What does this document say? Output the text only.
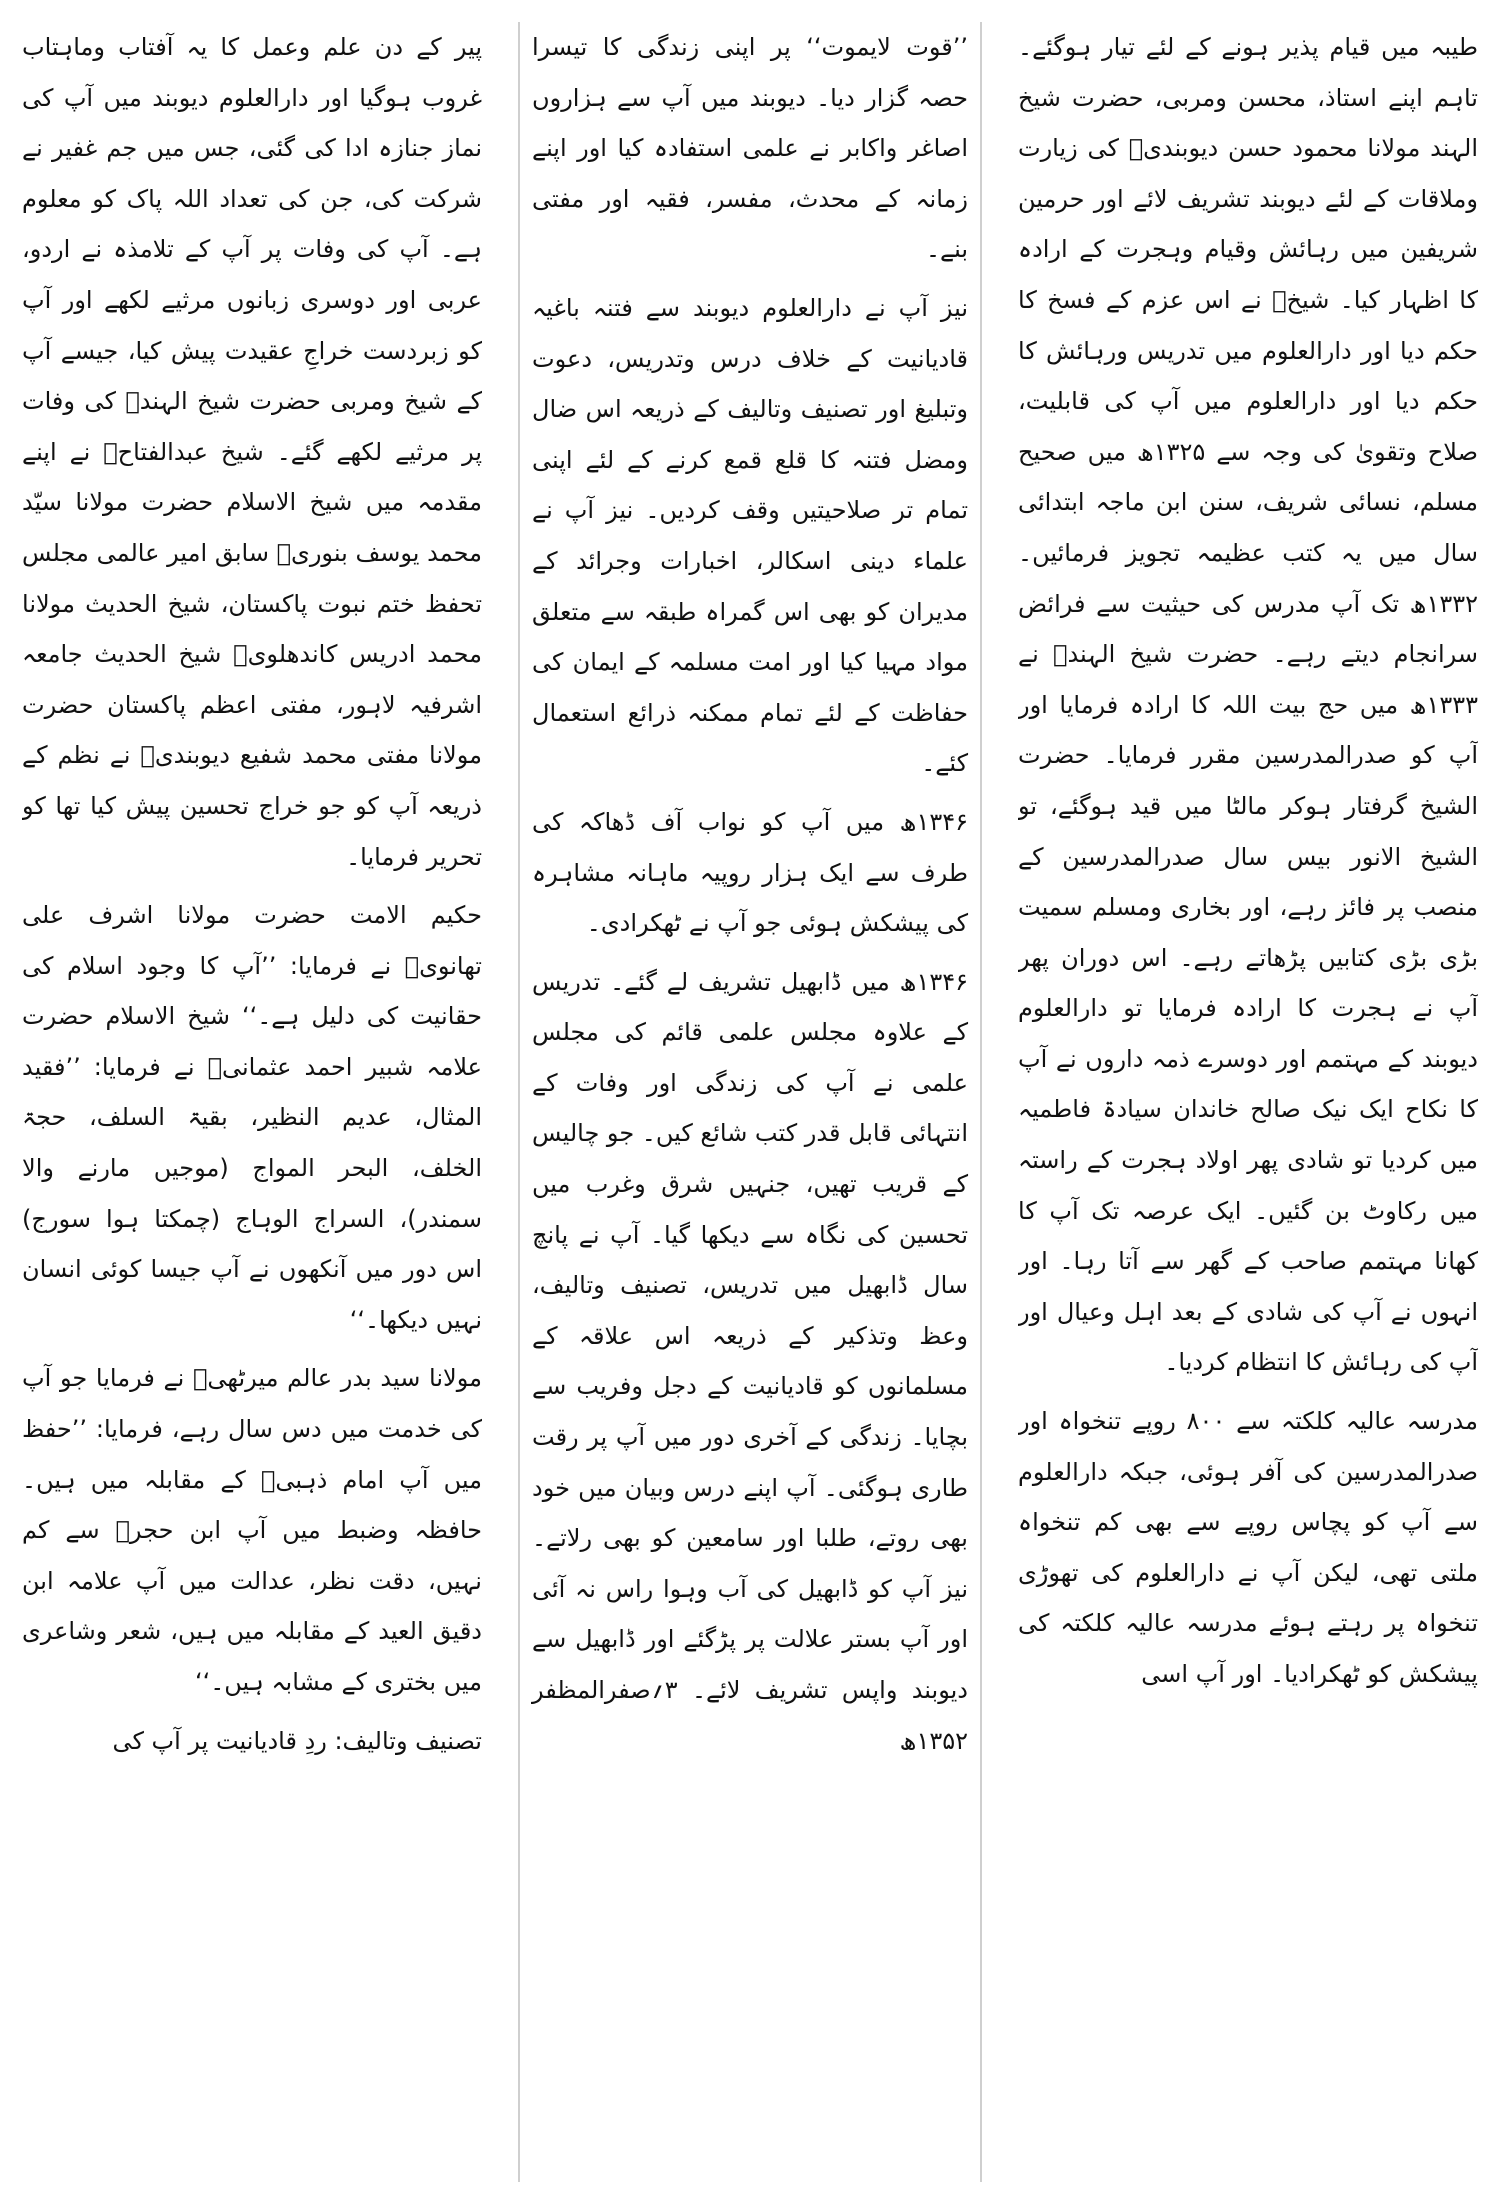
طیبہ میں قیام پذیر ہونے کے لئے تیار ہوگئے۔ تاہم اپنے استاذ، محسن ومربی، حضرت شیخ الہند مولانا محمود حسن دیوبندیؒ کی زیارت وملاقات کے لئے دیوبند تشریف لائے اور حرمین شریفین میں رہائش وقیام وہجرت کے ارادہ کا اظہار کیا۔ شیخؒ نے اس عزم کے فسخ کا حکم دیا اور دارالعلوم میں تدریس ورہائش کا حکم دیا اور دارالعلوم میں آپ کی قابلیت، صلاح وتقویٰ کی وجہ سے ۱۳۲۵ھ میں صحیح مسلم، نسائی شریف، سنن ابن ماجہ ابتدائی سال میں یہ کتب عظیمہ تجویز فرمائیں۔ ۱۳۳۲ھ تک آپ مدرس کی حیثیت سے فرائض سرانجام دیتے رہے۔ حضرت شیخ الہندؒ نے ۱۳۳۳ھ میں حج بیت اللہ کا ارادہ فرمایا اور آپ کو صدرالمدرسین مقرر فرمایا۔ حضرت الشیخ گرفتار ہوکر مالٹا میں قید ہوگئے، تو الشیخ الانور بیس سال صدرالمدرسین کے منصب پر فائز رہے، اور بخاری ومسلم سمیت بڑی بڑی کتابیں پڑھاتے رہے۔ اس دوران پھر آپ نے ہجرت کا ارادہ فرمایا تو دارالعلوم دیوبند کے مہتمم اور دوسرے ذمہ داروں نے آپ کا نکاح ایک نیک صالح خاندان سیادۃ فاطمیہ میں کردیا تو شادی پھر اولاد ہجرت کے راستہ میں رکاوٹ بن گئیں۔ ایک عرصہ تک آپ کا کھانا مہتمم صاحب کے گھر سے آتا رہا۔ اور انہوں نے آپ کی شادی کے بعد اہل وعیال اور آپ کی رہائش کا انتظام کردیا۔

مدرسہ عالیہ کلکتہ سے ۸۰۰ روپے تنخواہ اور صدرالمدرسین کی آفر ہوئی، جبکہ دارالعلوم سے آپ کو پچاس روپے سے بھی کم تنخواہ ملتی تھی، لیکن آپ نے دارالعلوم کی تھوڑی تنخواہ پر رہتے ہوئے مدرسہ عالیہ کلکتہ کی پیشکش کو ٹھکرادیا۔ اور آپ اسی

’’قوت لایموت‘‘ پر اپنی زندگی کا تیسرا حصہ گزار دیا۔ دیوبند میں آپ سے ہزاروں اصاغر واکابر نے علمی استفادہ کیا اور اپنے زمانہ کے محدث، مفسر، فقیہ اور مفتی بنے۔

نیز آپ نے دارالعلوم دیوبند سے فتنہ باغیہ قادیانیت کے خلاف درس وتدریس، دعوت وتبلیغ اور تصنیف وتالیف کے ذریعہ اس ضال ومضل فتنہ کا قلع قمع کرنے کے لئے اپنی تمام تر صلاحیتیں وقف کردیں۔ نیز آپ نے علماء دینی اسکالر، اخبارات وجرائد کے مدیران کو بھی اس گمراہ طبقہ سے متعلق مواد مہیا کیا اور امت مسلمہ کے ایمان کی حفاظت کے لئے تمام ممکنہ ذرائع استعمال کئے۔

۱۳۴۶ھ میں آپ کو نواب آف ڈھاکہ کی طرف سے ایک ہزار روپیہ ماہانہ مشاہرہ کی پیشکش ہوئی جو آپ نے ٹھکرادی۔

۱۳۴۶ھ میں ڈابھیل تشریف لے گئے۔ تدریس کے علاوہ مجلس علمی قائم کی مجلس علمی نے آپ کی زندگی اور وفات کے انتہائی قابل قدر کتب شائع کیں۔ جو چالیس کے قریب تھیں، جنہیں شرق وغرب میں تحسین کی نگاہ سے دیکھا گیا۔ آپ نے پانچ سال ڈابھیل میں تدریس، تصنیف وتالیف، وعظ وتذکیر کے ذریعہ اس علاقہ کے مسلمانوں کو قادیانیت کے دجل وفریب سے بچایا۔ زندگی کے آخری دور میں آپ پر رقت طاری ہوگئی۔ آپ اپنے درس وبیان میں خود بھی روتے، طلبا اور سامعین کو بھی رلاتے۔ نیز آپ کو ڈابھیل کی آب وہوا راس نہ آئی اور آپ بستر علالت پر پڑگئے اور ڈابھیل سے دیوبند واپس تشریف لائے۔ ۳؍صفرالمظفر ۱۳۵۲ھ

پیر کے دن علم وعمل کا یہ آفتاب وماہتاب غروب ہوگیا اور دارالعلوم دیوبند میں آپ کی نماز جنازہ ادا کی گئی، جس میں جم غفیر نے شرکت کی، جن کی تعداد اللہ پاک کو معلوم ہے۔ آپ کی وفات پر آپ کے تلامذہ نے اردو، عربی اور دوسری زبانوں مرثیے لکھے اور آپ کو زبردست خراجِ عقیدت پیش کیا، جیسے آپ کے شیخ ومربی حضرت شیخ الہندؒ کی وفات پر مرثیے لکھے گئے۔ شیخ عبدالفتاحؒ نے اپنے مقدمہ میں شیخ الاسلام حضرت مولانا سیّد محمد یوسف بنوریؒ سابق امیر عالمی مجلس تحفظ ختم نبوت پاکستان، شیخ الحدیث مولانا محمد ادریس کاندھلویؒ شیخ الحدیث جامعہ اشرفیہ لاہور، مفتی اعظم پاکستان حضرت مولانا مفتی محمد شفیع دیوبندیؒ نے نظم کے ذریعہ آپ کو جو خراج تحسین پیش کیا تھا کو تحریر فرمایا۔

حکیم الامت حضرت مولانا اشرف علی تھانویؒ نے فرمایا: ’’آپ کا وجود اسلام کی حقانیت کی دلیل ہے۔‘‘ شیخ الاسلام حضرت علامہ شبیر احمد عثمانیؒ نے فرمایا: ’’فقید المثال، عدیم النظیر، بقیۃ السلف، حجۃ الخلف، البحر المواج (موجیں مارنے والا سمندر)، السراج الوہاج (چمکتا ہوا سورج) اس دور میں آنکھوں نے آپ جیسا کوئی انسان نہیں دیکھا۔‘‘

مولانا سید بدر عالم میرٹھیؒ نے فرمایا جو آپ کی خدمت میں دس سال رہے، فرمایا: ’’حفظ میں آپ امام ذہبیؒ کے مقابلہ میں ہیں۔ حافظہ وضبط میں آپ ابن حجرؒ سے کم نہیں، دقت نظر، عدالت میں آپ علامہ ابن دقیق العید کے مقابلہ میں ہیں، شعر وشاعری میں بختری کے مشابہ ہیں۔‘‘

تصنیف وتالیف: ردِ قادیانیت پر آپ کی
